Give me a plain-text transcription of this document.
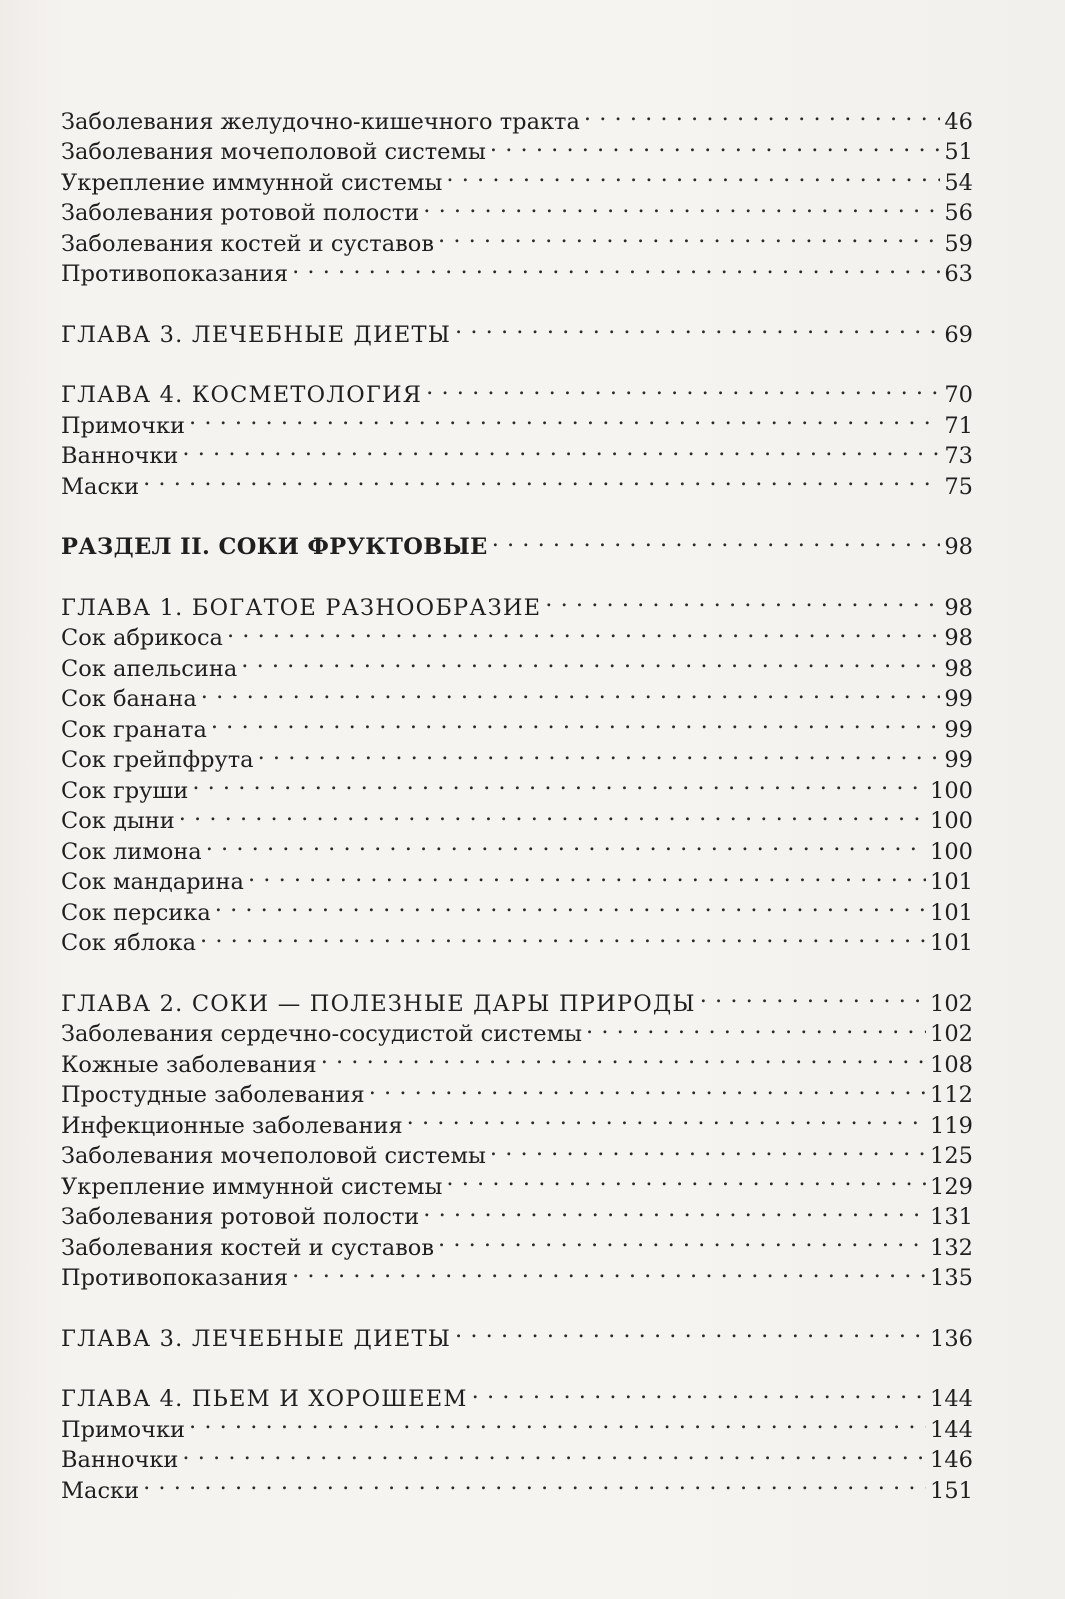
Заболевания желудочно-кишечного тракта . . .	46
Заболевания мочеполовой системы . . .	51
Укрепление иммунной системы . . .	54
Заболевания ротовой полости . . .	56
Заболевания костей и суставов . . .	59
Противопоказания . . .	63
ГЛАВА 3. ЛЕЧЕБНЫЕ ДИЕТЫ . . .	69
ГЛАВА 4. КОСМЕТОЛОГИЯ . . .	70
Примочки . . .	71
Ванночки . . .	73
Маски . . .	75
РАЗДЕЛ II. СОКИ ФРУКТОВЫЕ . . .	98
ГЛАВА 1. БОГАТОЕ РАЗНООБРАЗИЕ . . .	98
Сок абрикоса . . .	98
Сок апельсина . . .	98
Сок банана . . .	99
Сок граната . . .	99
Сок грейпфрута . . .	99
Сок груши . . .	100
Сок дыни . . .	100
Сок лимона . . .	100
Сок мандарина . . .	101
Сок персика . . .	101
Сок яблока . . .	101
ГЛАВА 2. СОКИ — ПОЛЕЗНЫЕ ДАРЫ ПРИРОДЫ . . .	102
Заболевания сердечно-сосудистой системы . . .	102
Кожные заболевания . . .	108
Простудные заболевания . . .	112
Инфекционные заболевания . . .	119
Заболевания мочеполовой системы . . .	125
Укрепление иммунной системы . . .	129
Заболевания ротовой полости . . .	131
Заболевания костей и суставов . . .	132
Противопоказания . . .	135
ГЛАВА 3. ЛЕЧЕБНЫЕ ДИЕТЫ . . .	136
ГЛАВА 4. ПЬЕМ И ХОРОШЕЕМ . . .	144
Примочки . . .	144
Ванночки . . .	146
Маски . . .	151
